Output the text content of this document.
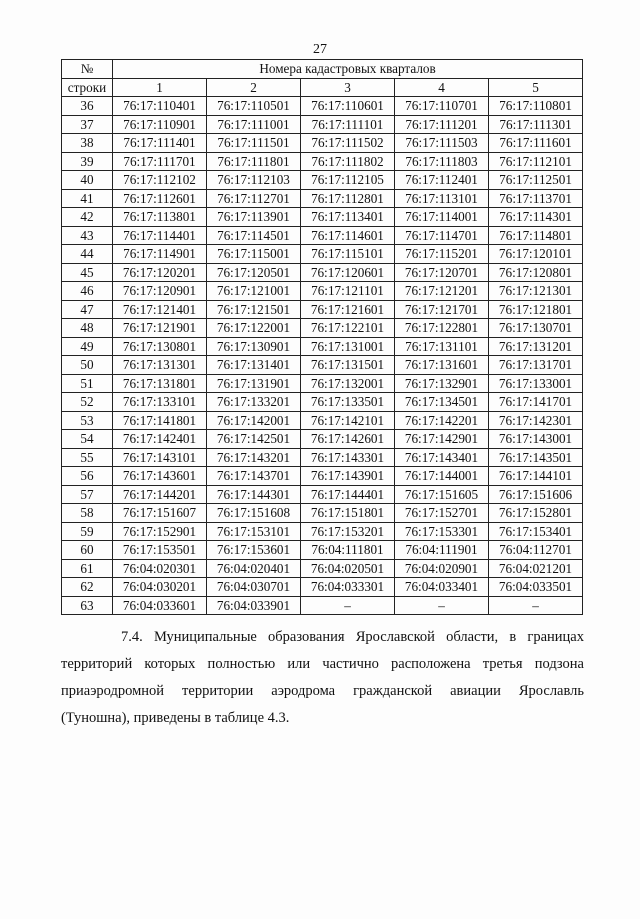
27
№	Номера кадастровых кварталов				
строки	1	2	3	4	5
36	76:17:110401	76:17:110501	76:17:110601	76:17:110701	76:17:110801
37	76:17:110901	76:17:111001	76:17:111101	76:17:111201	76:17:111301
38	76:17:111401	76:17:111501	76:17:111502	76:17:111503	76:17:111601
39	76:17:111701	76:17:111801	76:17:111802	76:17:111803	76:17:112101
40	76:17:112102	76:17:112103	76:17:112105	76:17:112401	76:17:112501
41	76:17:112601	76:17:112701	76:17:112801	76:17:113101	76:17:113701
42	76:17:113801	76:17:113901	76:17:113401	76:17:114001	76:17:114301
43	76:17:114401	76:17:114501	76:17:114601	76:17:114701	76:17:114801
44	76:17:114901	76:17:115001	76:17:115101	76:17:115201	76:17:120101
45	76:17:120201	76:17:120501	76:17:120601	76:17:120701	76:17:120801
46	76:17:120901	76:17:121001	76:17:121101	76:17:121201	76:17:121301
47	76:17:121401	76:17:121501	76:17:121601	76:17:121701	76:17:121801
48	76:17:121901	76:17:122001	76:17:122101	76:17:122801	76:17:130701
49	76:17:130801	76:17:130901	76:17:131001	76:17:131101	76:17:131201
50	76:17:131301	76:17:131401	76:17:131501	76:17:131601	76:17:131701
51	76:17:131801	76:17:131901	76:17:132001	76:17:132901	76:17:133001
52	76:17:133101	76:17:133201	76:17:133501	76:17:134501	76:17:141701
53	76:17:141801	76:17:142001	76:17:142101	76:17:142201	76:17:142301
54	76:17:142401	76:17:142501	76:17:142601	76:17:142901	76:17:143001
55	76:17:143101	76:17:143201	76:17:143301	76:17:143401	76:17:143501
56	76:17:143601	76:17:143701	76:17:143901	76:17:144001	76:17:144101
57	76:17:144201	76:17:144301	76:17:144401	76:17:151605	76:17:151606
58	76:17:151607	76:17:151608	76:17:151801	76:17:152701	76:17:152801
59	76:17:152901	76:17:153101	76:17:153201	76:17:153301	76:17:153401
60	76:17:153501	76:17:153601	76:04:111801	76:04:111901	76:04:112701
61	76:04:020301	76:04:020401	76:04:020501	76:04:020901	76:04:021201
62	76:04:030201	76:04:030701	76:04:033301	76:04:033401	76:04:033501
63	76:04:033601	76:04:033901	–	–	–
7.4. Муниципальные образования Ярославской области, в границах
территорий которых полностью или частично расположена третья подзона
приаэродромной территории аэродрома гражданской авиации Ярославль
(Туношна), приведены в таблице 4.3.
